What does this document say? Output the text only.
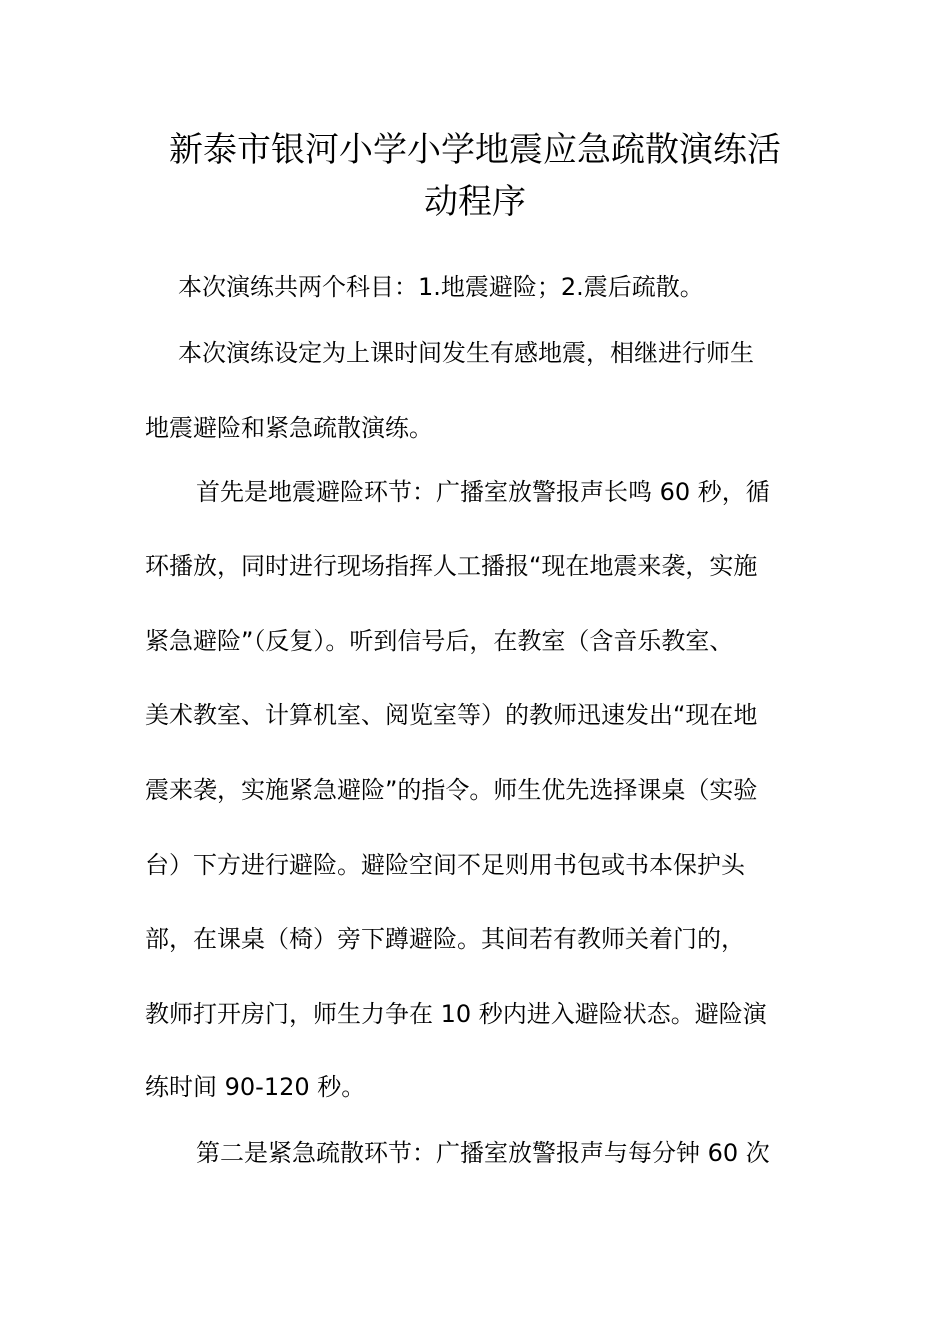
新泰市银河小学小学地震应急疏散演练活
动程序
本次演练共两个科目：1.地震避险；2.震后疏散。
本次演练设定为上课时间发生有感地震，相继进行师生
地震避险和紧急疏散演练。
首先是地震避险环节：广播室放警报声长鸣 60 秒，循
环播放，同时进行现场指挥人工播报“现在地震来袭，实施
紧急避险”（反复）。听到信号后，在教室（含音乐教室、
美术教室、计算机室、阅览室等）的教师迅速发出“现在地
震来袭，实施紧急避险”的指令。师生优先选择课桌（实验
台）下方进行避险。避险空间不足则用书包或书本保护头
部，在课桌（椅）旁下蹲避险。其间若有教师关着门的，
教师打开房门，师生力争在 10 秒内进入避险状态。避险演
练时间 90-120 秒。
第二是紧急疏散环节：广播室放警报声与每分钟 60 次
